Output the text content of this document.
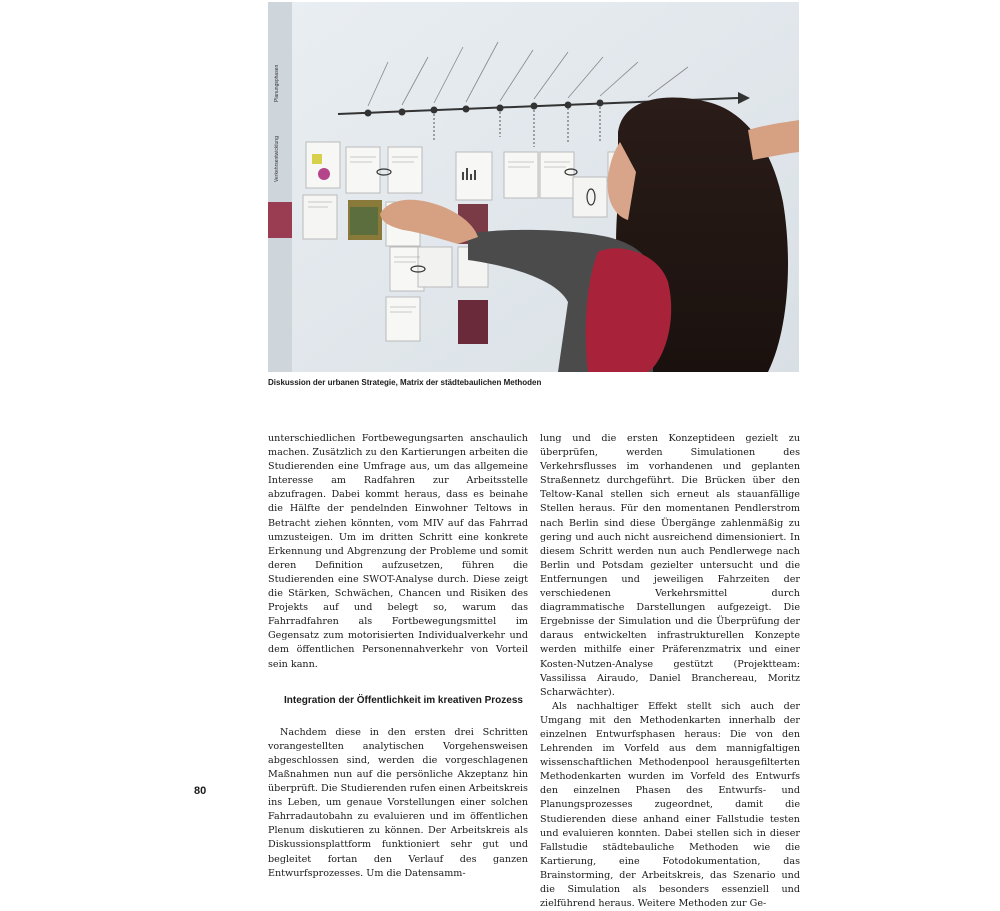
Planungsphasen
Verkehrsentwicklung
Diskussion der urbanen Strategie, Matrix der städtebaulichen Methoden

unterschiedlichen Fortbewegungsarten anschaulich machen. Zusätzlich zu den Kartierungen arbeiten die Studierenden eine Umfrage aus, um das allgemeine Interesse am Radfahren zur Arbeitsstelle abzufragen. Dabei kommt heraus, dass es beinahe die Hälfte der pendelnden Einwohner Teltows in Betracht ziehen könnten, vom MIV auf das Fahrrad umzusteigen. Um im dritten Schritt eine konkrete Erkennung und Abgrenzung der Probleme und somit deren Definition aufzusetzen, führen die Studierenden eine SWOT-Analyse durch. Diese zeigt die Stärken, Schwächen, Chancen und Risiken des Projekts auf und belegt so, warum das Fahrradfahren als Fortbewegungsmittel im Gegensatz zum motorisierten Individualverkehr und dem öffentlichen Personennahverkehr von Vorteil sein kann.

Integration der Öffentlichkeit im kreativen Prozess

Nachdem diese in den ersten drei Schritten vorangestellten analytischen Vorgehensweisen abgeschlossen sind, werden die vorgeschlagenen Maßnahmen nun auf die persönliche Akzeptanz hin überprüft. Die Studierenden rufen einen Arbeitskreis ins Leben, um genaue Vorstellungen einer solchen Fahrradautobahn zu evaluieren und im öffentlichen Plenum diskutieren zu können. Der Arbeitskreis als Diskussionsplattform funktioniert sehr gut und begleitet fortan den Verlauf des ganzen Entwurfsprozesses. Um die Datensamm-

lung und die ersten Konzeptideen gezielt zu überprüfen, werden Simulationen des Verkehrsflusses im vorhandenen und geplanten Straßennetz durchgeführt. Die Brücken über den Teltow-Kanal stellen sich erneut als stauanfällige Stellen heraus. Für den momentanen Pendlerstrom nach Berlin sind diese Übergänge zahlenmäßig zu gering und auch nicht ausreichend dimensioniert. In diesem Schritt werden nun auch Pendlerwege nach Berlin und Potsdam gezielter untersucht und die Entfernungen und jeweiligen Fahrzeiten der verschiedenen Verkehrsmittel durch diagrammatische Darstellungen aufgezeigt. Die Ergebnisse der Simulation und die Überprüfung der daraus entwickelten infrastrukturellen Konzepte werden mithilfe einer Präferenzmatrix und einer Kosten-Nutzen-Analyse gestützt (Projektteam: Vassilissa Airaudo, Daniel Branchereau, Moritz Scharwächter).

Als nachhaltiger Effekt stellt sich auch der Umgang mit den Methodenkarten innerhalb der einzelnen Entwurfsphasen heraus: Die von den Lehrenden im Vorfeld aus dem mannigfaltigen wissenschaftlichen Methodenpool herausgefilterten Methodenkarten wurden im Vorfeld des Entwurfs den einzelnen Phasen des Entwurfs- und Planungsprozesses zugeordnet, damit die Studierenden diese anhand einer Fallstudie testen und evaluieren konnten. Dabei stellen sich in dieser Fallstudie städtebauliche Methoden wie die Kartierung, eine Fotodokumentation, das Brainstorming, der Arbeitskreis, das Szenario und die Simulation als besonders essenziell und zielführend heraus. Weitere Methoden zur Ge-

80
